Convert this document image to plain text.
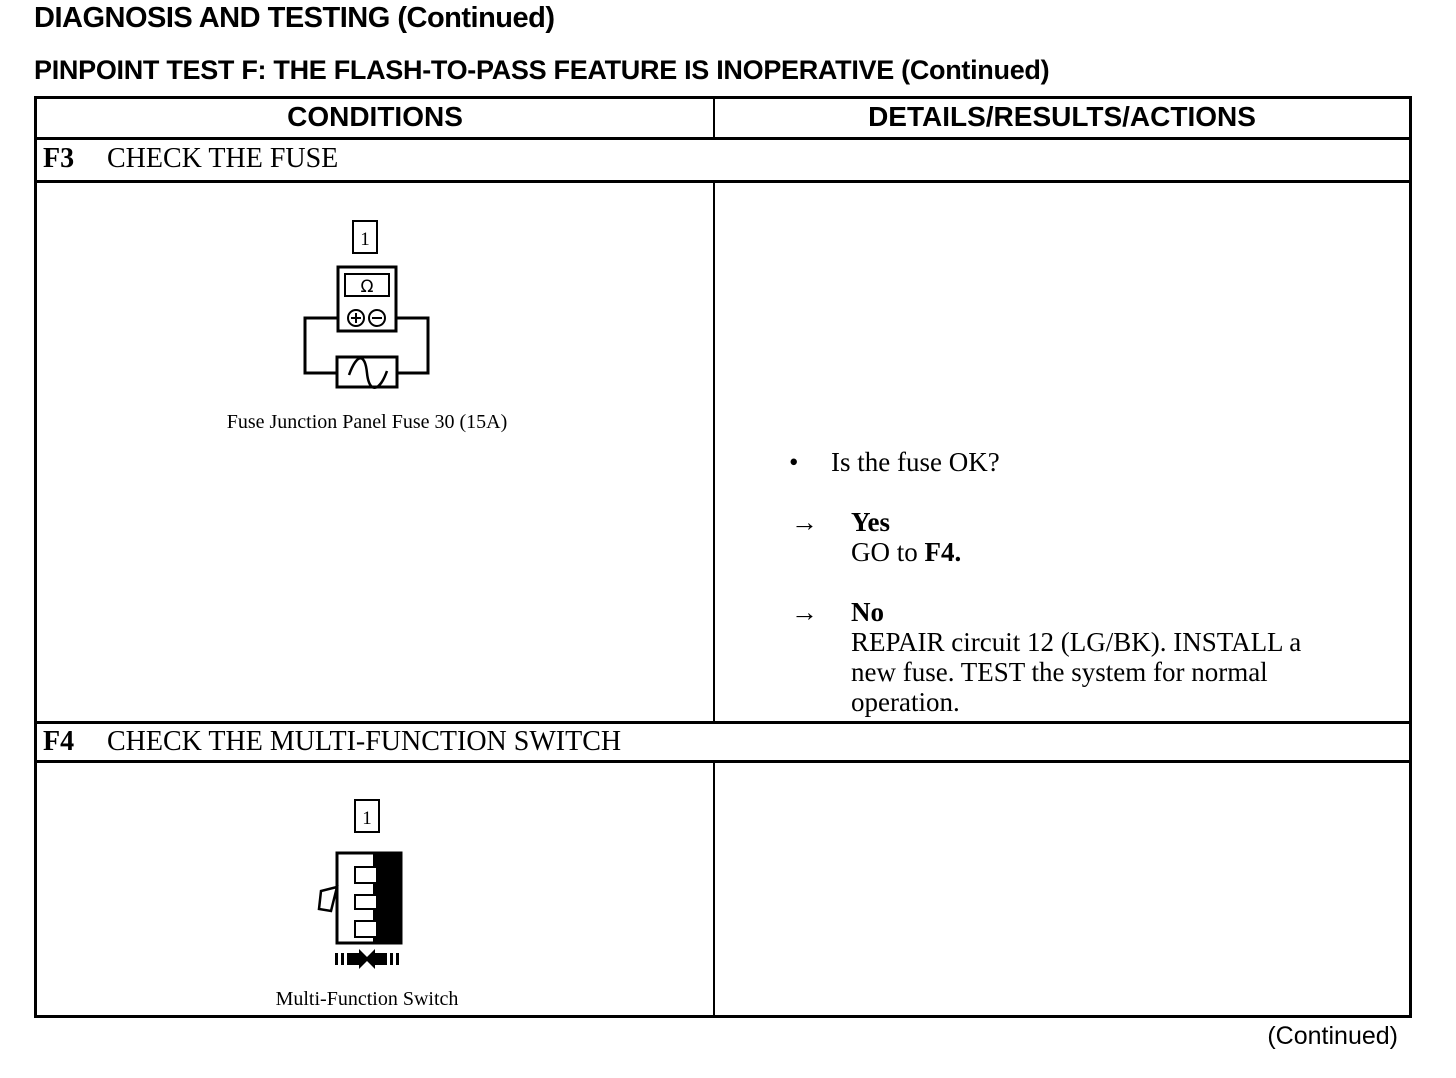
DIAGNOSIS AND TESTING (Continued)
PINPOINT TEST F: THE FLASH-TO-PASS FEATURE IS INOPERATIVE (Continued)
CONDITIONS	DETAILS/RESULTS/ACTIONS
F3 CHECK THE FUSE
1
Ω
Fuse Junction Panel Fuse 30 (15A)
• Is the fuse OK?
→ Yes
GO to F4.
→ No
REPAIR circuit 12 (LG/BK). INSTALL a
new fuse. TEST the system for normal
operation.
F4 CHECK THE MULTI-FUNCTION SWITCH
1
Multi-Function Switch
(Continued)
